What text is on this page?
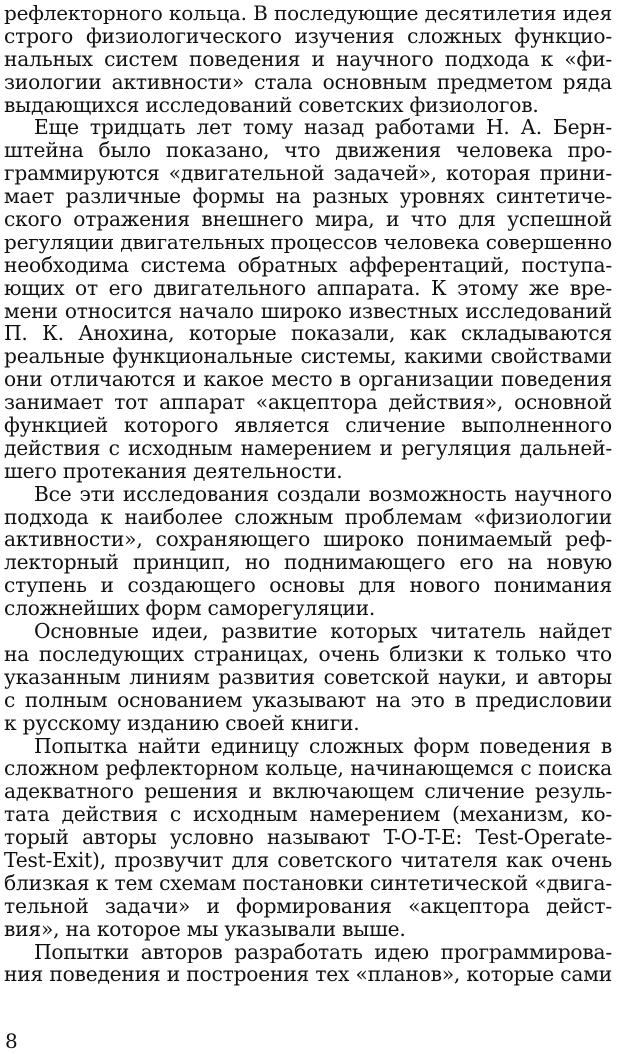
рефлекторного кольца. В последующие десятилетия идея
строго физиологического изучения сложных функцио-
нальных систем поведения и научного подхода к «фи-
зиологии активности» стала основным предметом ряда
выдающихся исследований советских физиологов.
Еще тридцать лет тому назад работами Н. А. Берн-
штейна было показано, что движения человека про-
граммируются «двигательной задачей», которая прини-
мает различные формы на разных уровнях синтетиче-
ского отражения внешнего мира, и что для успешной
регуляции двигательных процессов человека совершенно
необходима система обратных афферентаций, поступа-
ющих от его двигательного аппарата. К этому же вре-
мени относится начало широко известных исследований
П. К. Анохина, которые показали, как складываются
реальные функциональные системы, какими свойствами
они отличаются и какое место в организации поведения
занимает тот аппарат «акцептора действия», основной
функцией которого является сличение выполненного
действия с исходным намерением и регуляция дальней-
шего протекания деятельности.
Все эти исследования создали возможность научного
подхода к наиболее сложным проблемам «физиологии
активности», сохраняющего широко понимаемый реф-
лекторный принцип, но поднимающего его на новую
ступень и создающего основы для нового понимания
сложнейших форм саморегуляции.
Основные идеи, развитие которых читатель найдет
на последующих страницах, очень близки к только что
указанным линиям развития советской науки, и авторы
с полным основанием указывают на это в предисловии
к русскому изданию своей книги.
Попытка найти единицу сложных форм поведения в
сложном рефлекторном кольце, начинающемся с поиска
адекватного решения и включающем сличение резуль-
тата действия с исходным намерением (механизм, ко-
торый авторы условно называют T-O-T-E: Test-Operate-
Test-Exit), прозвучит для советского читателя как очень
близкая к тем схемам постановки синтетической «двига-
тельной задачи» и формирования «акцептора дейст-
вия», на которое мы указывали выше.
Попытки авторов разработать идею программирова-
ния поведения и построения тех «планов», которые сами
8
